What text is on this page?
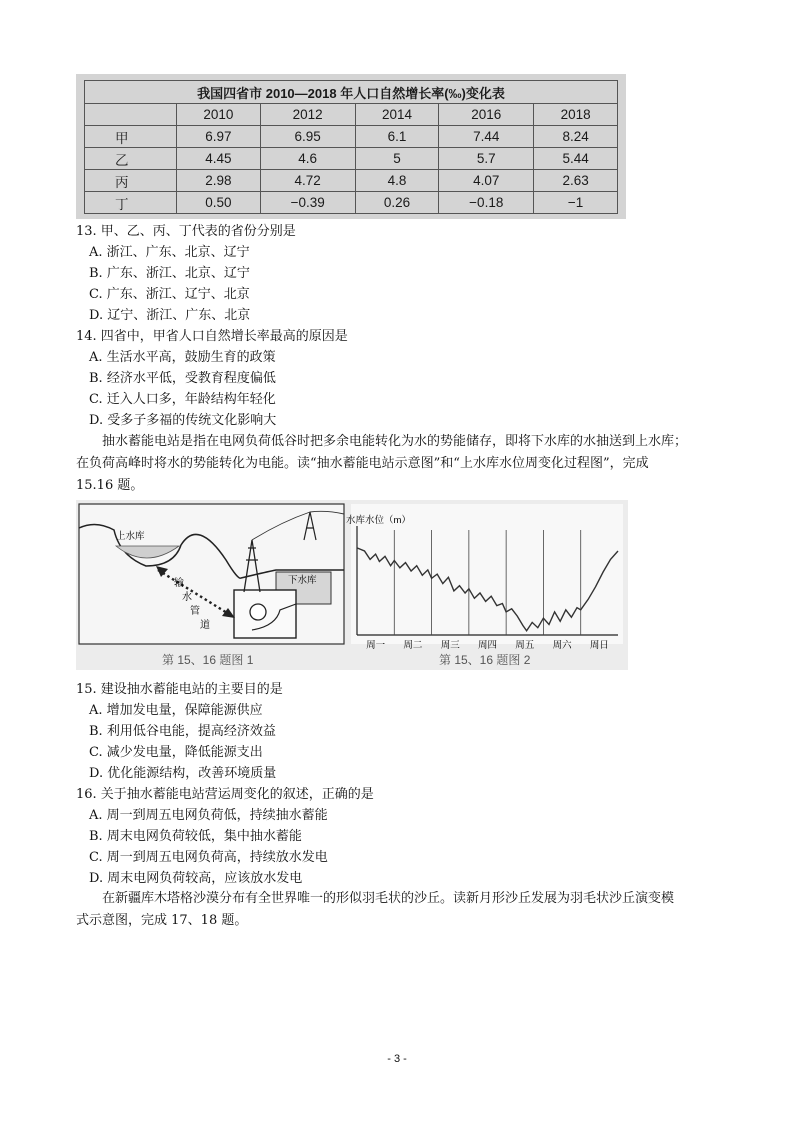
我国四省市 2010—2018 年人口自然增长率(‰)变化表					
	2010	2012	2014	2016	2018
甲	6.97	6.95	6.1	7.44	8.24
乙	4.45	4.6	5	5.7	5.44
丙	2.98	4.72	4.8	4.07	2.63
丁	0.50	−0.39	0.26	−0.18	−1
13. 甲、乙、丙、丁代表的省份分别是
A. 浙江、广东、北京、辽宁
B. 广东、浙江、北京、辽宁
C. 广东、浙江、辽宁、北京
D. 辽宁、浙江、广东、北京
14. 四省中，甲省人口自然增长率最高的原因是
A. 生活水平高，鼓励生育的政策
B. 经济水平低，受教育程度偏低
C. 迁入人口多，年龄结构年轻化
D. 受多子多福的传统文化影响大
抽水蓄能电站是指在电网负荷低谷时把多余电能转化为水的势能储存，即将下水库的水抽送到上水库；
在负荷高峰时将水的势能转化为电能。读“抽水蓄能电站示意图”和“上水库水位周变化过程图”，完成
15.16 题。
上水库
下水库
输
水
管
道
第 15、16 题图 1
水库水位（m）
周一 周二 周三 周四 周五 周六 周日
第 15、16 题图 2
15. 建设抽水蓄能电站的主要目的是
A. 增加发电量，保障能源供应
B. 利用低谷电能，提高经济效益
C. 减少发电量，降低能源支出
D. 优化能源结构，改善环境质量
16. 关于抽水蓄能电站营运周变化的叙述，正确的是
A. 周一到周五电网负荷低，持续抽水蓄能
B. 周末电网负荷较低，集中抽水蓄能
C. 周一到周五电网负荷高，持续放水发电
D. 周末电网负荷较高，应该放水发电
在新疆库木塔格沙漠分布有全世界唯一的形似羽毛状的沙丘。读新月形沙丘发展为羽毛状沙丘演变模
式示意图，完成 17、18 题。
- 3 -
